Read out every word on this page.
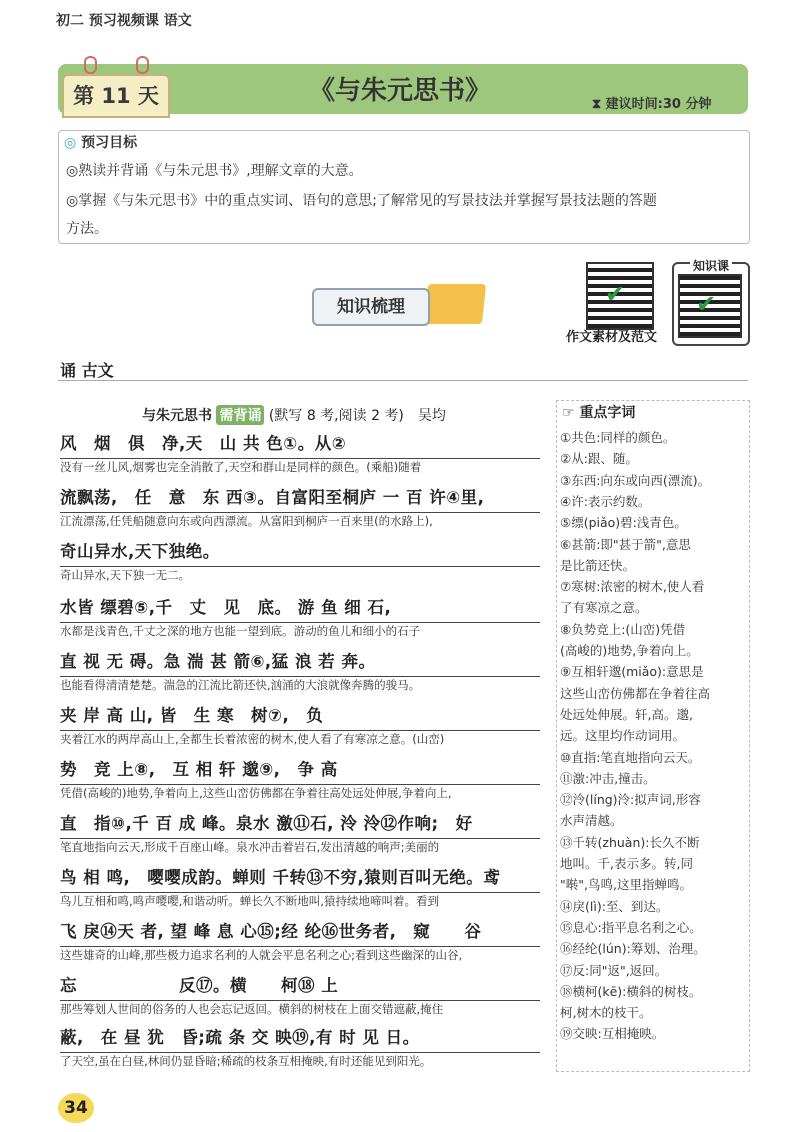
初二 预习视频课 语文
第 11 天	《与朱元思书》	⧗ 建议时间:30 分钟
◎ 预习目标
◎熟读并背诵《与朱元思书》,理解文章的大意。
◎掌握《与朱元思书》中的重点实词、语句的意思;了解常见的写景技法并掌握写景技法题的答题
方法。
✔
作文素材及范文
知识课
✔
知识梳理
诵 古文
与朱元思书 需背诵 (默写 8 考,阅读 2 考)　吴均
风　烟　俱　净,天　山 共 色①。从②
没有一丝儿风,烟雾也完全消散了,天空和群山是同样的颜色。(乘船)随着
流飘荡,　任　意　东 西③。自富阳至桐庐 一 百 许④里,
江流漂荡,任凭船随意向东或向西漂流。从富阳到桐庐一百来里(的水路上),
奇山异水,天下独绝。
奇山异水,天下独一无二。
水皆 缥碧⑤,千　丈　见　底。 游 鱼 细 石,
水都是浅青色,千丈之深的地方也能一望到底。游动的鱼儿和细小的石子
直 视 无 碍。急 湍 甚 箭⑥,猛 浪 若 奔。
也能看得清清楚楚。湍急的江流比箭还快,汹涌的大浪就像奔腾的骏马。
夹 岸 高 山, 皆　生 寒　树⑦,　负
夹着江水的两岸高山上,全都生长着浓密的树木,使人看了有寒凉之意。(山峦)
势　竞 上⑧,　互 相 轩 邈⑨,　争 高
凭借(高峻的)地势,争着向上,这些山峦仿佛都在争着往高处远处伸展,争着向上,
直　指⑩,千 百 成 峰。泉水 激⑪石, 泠 泠⑫作响;　好
笔直地指向云天,形成千百座山峰。泉水冲击着岩石,发出清越的响声;美丽的
鸟 相 鸣,　嘤嘤成韵。蝉则 千转⑬不穷,猿则百叫无绝。鸢
鸟儿互相和鸣,鸣声嘤嘤,和谐动听。蝉长久不断地叫,猿持续地啼叫着。看到
飞 戾⑭天 者, 望 峰 息 心⑮;经 纶⑯世务者,　窥　　谷
这些雄奇的山峰,那些极力追求名利的人就会平息名利之心;看到这些幽深的山谷,
忘　　　　　　反⑰。横　　柯⑱ 上
那些筹划人世间的俗务的人也会忘记返回。横斜的树枝在上面交错遮蔽,掩住
蔽,　在 昼 犹　昏;疏 条 交 映⑲,有 时 见 日。
了天空,虽在白昼,林间仍显昏暗;稀疏的枝条互相掩映,有时还能见到阳光。
☞ 重点字词
①共色:同样的颜色。
②从:跟、随。
③东西:向东或向西(漂流)。
④许:表示约数。
⑤缥(piǎo)碧:浅青色。
⑥甚箭:即"甚于箭",意思
是比箭还快。
⑦寒树:浓密的树木,使人看
了有寒凉之意。
⑧负势竞上:(山峦)凭借
(高峻的)地势,争着向上。
⑨互相轩邈(miǎo):意思是
这些山峦仿佛都在争着往高
处远处伸展。轩,高。邈,
远。这里均作动词用。
⑩直指:笔直地指向云天。
⑪激:冲击,撞击。
⑫泠(líng)泠:拟声词,形容
水声清越。
⑬千转(zhuàn):长久不断
地叫。千,表示多。转,同
"啭",鸟鸣,这里指蝉鸣。
⑭戾(lì):至、到达。
⑮息心:指平息名利之心。
⑯经纶(lún):筹划、治理。
⑰反:同"返",返回。
⑱横柯(kē):横斜的树枝。
柯,树木的枝干。
⑲交映:互相掩映。
34
